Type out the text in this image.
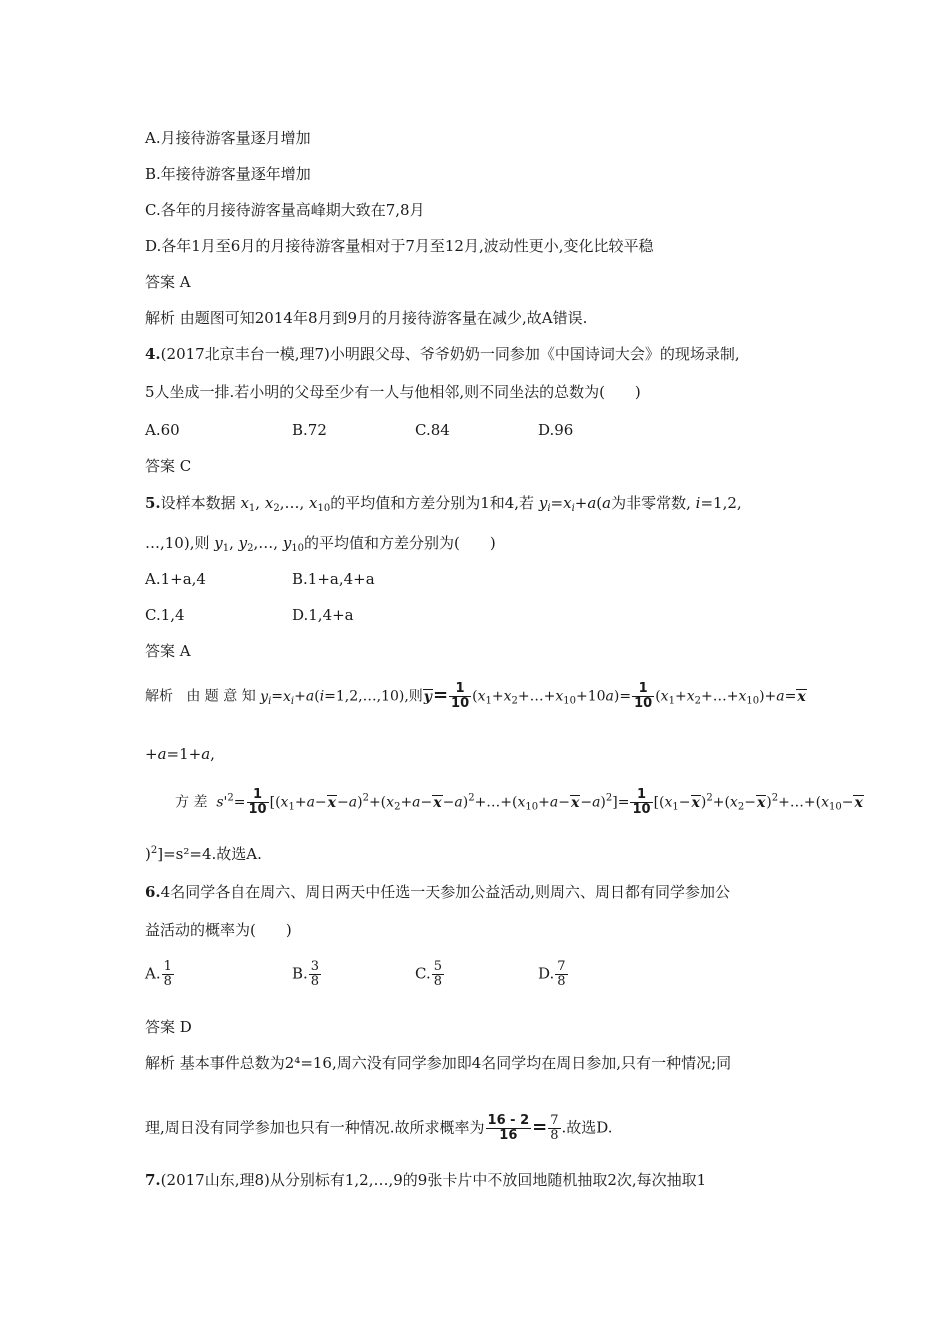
A.月接待游客量逐月增加
B.年接待游客量逐年增加
C.各年的月接待游客量高峰期大致在7,8月
D.各年1月至6月的月接待游客量相对于7月至12月,波动性更小,变化比较平稳
答案 A
解析 由题图可知2014年8月到9月的月接待游客量在减少,故A错误.
4.(2017北京丰台一模,理7)小明跟父母、爷爷奶奶一同参加《中国诗词大会》的现场录制,
5人坐成一排.若小明的父母至少有一人与他相邻,则不同坐法的总数为(　　)
A.60	B.72	C.84	D.96
答案 C
5.设样本数据 $x_1$, $x_2,\dots$, $x_{10}$的平均值和方差分别为1和4,若 $y_i=x_i+a(a$为非零常数, i=1,2,
…,10),则 $y_1$, $y_2,\dots$, $y_{10}$的平均值和方差分别为(　　)
A.1+a,4	B.1+a,4+a
C.1,4	D.1,4+a
答案 A
解析   由 题 意 知 $y_i=x_i+a(i=1,2,\dots,10)$,则$y= \frac{1}{10}$ $(x_1+x_2+\dots+x_{10}+10a)= \frac{1}{10}$ $(x_1+x_2+\dots+x_{10})+a=x$
+a=1+a,
方 差 $s'^2= \frac{1}{10}$ $[(x_1+a-x-a)^2+(x_2+a-x-a)^2+\dots+(x_{10}+a-x-a)^2]= \frac{1}{10}$ [$(x_1-x)^2+(x_2-x)^2+\dots+(x_{10}-x$
)$^2$]=s²=4.故选A.
6.4名同学各自在周六、周日两天中任选一天参加公益活动,则周六、周日都有同学参加公
益活动的概率为(　　)
A. $\frac{1}{8}$	B. $\frac{3}{8}$	C. $\frac{5}{8}$	D. $\frac{7}{8}$
答案 D
解析 基本事件总数为2⁴=16,周六没有同学参加即4名同学均在周日参加,只有一种情况;同
理,周日没有同学参加也只有一种情况.故所求概率为 $\frac{16 - 2}{16} = \frac{7}{8}$ .故选D.
7.(2017山东,理8)从分别标有1,2,…,9的9张卡片中不放回地随机抽取2次,每次抽取1
